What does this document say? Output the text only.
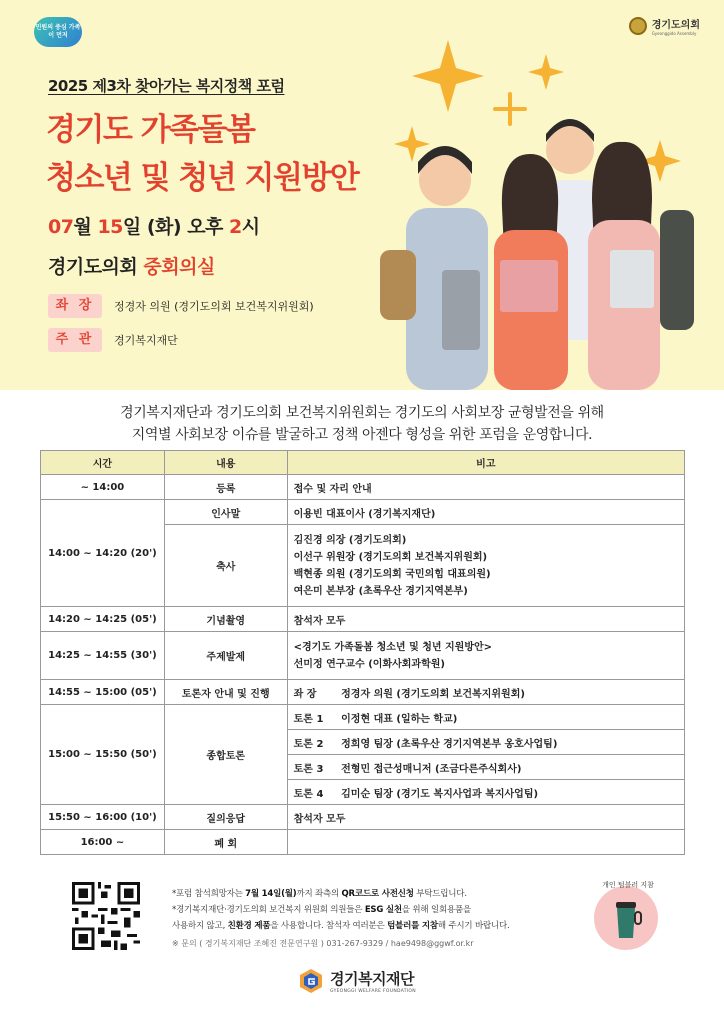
민원의 중심 가족이 먼저
경기도의회
Gyeonggido Assembly
2025 제3차 찾아가는 복지정책 포럼
경기도 가족돌봄
청소년 및 청년 지원방안
07월 15일 (화) 오후 2시
경기도의회 중회의실
좌 장	정경자 의원 (경기도의회 보건복지위원회)
주 관	경기복지재단
경기복지재단과 경기도의회 보건복지위원회는 경기도의 사회보장 균형발전을 위해
지역별 사회보장 이슈를 발굴하고 정책 아젠다 형성을 위한 포럼을 운영합니다.
시간	내용	비고
~ 14:00	등록	접수 및 자리 안내
14:00 ~ 14:20 (20')	인사말	이용빈 대표이사 (경기복지재단)
	축사	김진경 의장 (경기도의회)
이선구 위원장 (경기도의회 보건복지위원회)
백현종 의원 (경기도의회 국민의힘 대표의원)
여은미 본부장 (초록우산 경기지역본부)

14:20 ~ 14:25 (05')	기념촬영	참석자 모두
14:25 ~ 14:55 (30')	주제발제	<경기도 가족돌봄 청소년 및 청년 지원방안>
선미정 연구교수 (이화사회과학원)

14:55 ~ 15:00 (05')	토론자 안내 및 진행	좌 장 정경자 의원 (경기도의회 보건복지위원회)
15:00 ~ 15:50 (50')	종합토론	토론 1 이정현 대표 (일하는 학교)
		토론 2 정희영 팀장 (초록우산 경기지역본부 옹호사업팀)
		토론 3 전형민 접근성매니저 (조금다른주식회사)
		토론 4 김미순 팀장 (경기도 복지사업과 복지사업팀)
15:50 ~ 16:00 (10')	질의응답	참석자 모두
16:00 ~	폐 회	
*포럼 참석희망자는 7월 14일(월)까지 좌측의 QR코드로 사전신청 부탁드립니다.
*경기복지재단·경기도의회 보건복지 위원회 의원들은 ESG 실천을 위해 일회용품을
사용하지 않고, 친환경 제품을 사용합니다. 참석자 여러분은 텀블러를 지참해 주시기 바랍니다.
※ 문의 ( 경기복지재단 조혜진 전문연구원 ) 031-267-9329 / hae9498@ggwf.or.kr
개인 텀블러 지참
경기복지재단
GYEONGGI WELFARE FOUNDATION
